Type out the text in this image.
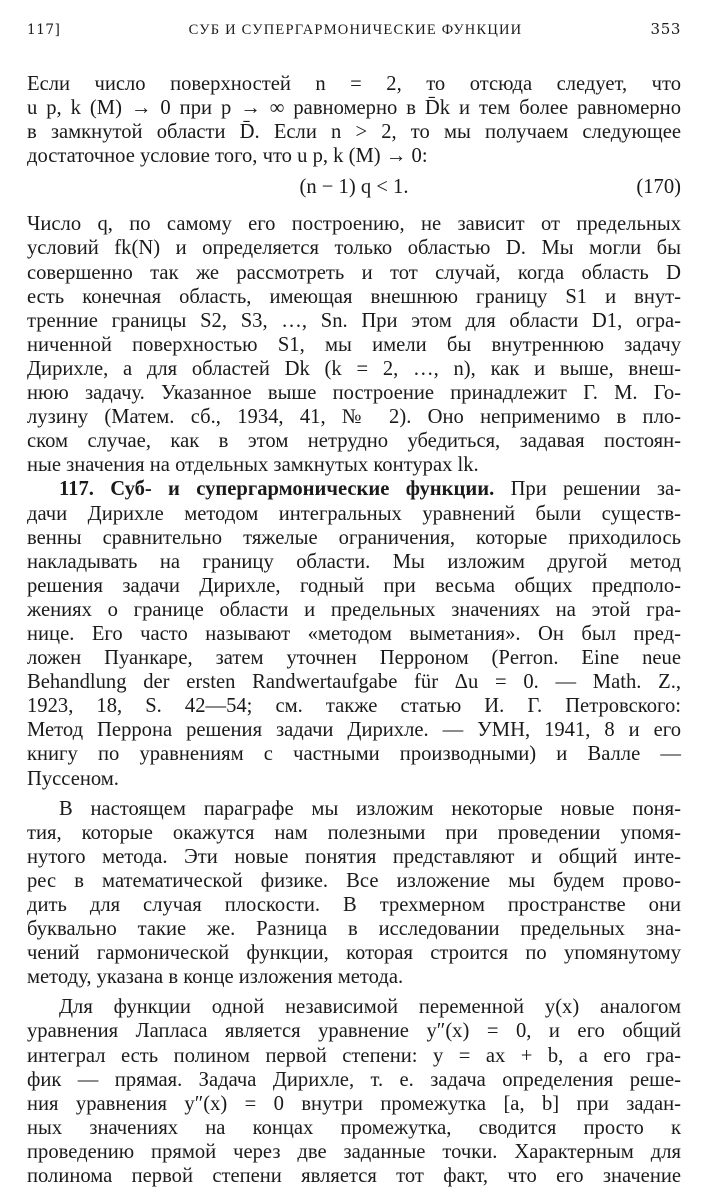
117]	СУБ И СУПЕРГАРМОНИЧЕСКИЕ ФУНКЦИИ	353
Если число поверхностей n = 2, то отсюда следует, что
u p, k (M) → 0 при p → ∞ равномерно в D̄k и тем более равномерно
в замкнутой области D̄. Если n > 2, то мы получаем следующее
достаточное условие того, что u p, k (M) → 0:
(n − 1) q < 1.	(170)
Число q, по самому его построению, не зависит от предельных
условий fk(N) и определяется только областью D. Мы могли бы
совершенно так же рассмотреть и тот случай, когда область D
есть конечная область, имеющая внешнюю границу S1 и внут-
тренние границы S2, S3, …, Sn. При этом для области D1, огра-
ниченной поверхностью S1, мы имели бы внутреннюю задачу
Дирихле, а для областей Dk (k = 2, …, n), как и выше, внеш-
нюю задачу. Указанное выше построение принадлежит Г. М. Го-
лузину (Матем. сб., 1934, 41, № 2). Оно неприменимо в пло-
ском случае, как в этом нетрудно убедиться, задавая постоян-
ные значения на отдельных замкнутых контурах lk.
117. Суб- и супергармонические функции. При решении за-
дачи Дирихле методом интегральных уравнений были существ-
венны сравнительно тяжелые ограничения, которые приходилось
накладывать на границу области. Мы изложим другой метод
решения задачи Дирихле, годный при весьма общих предполо-
жениях о границе области и предельных значениях на этой гра-
нице. Его часто называют «методом выметания». Он был пред-
ложен Пуанкаре, затем уточнен Перроном (Perron. Eine neue
Behandlung der ersten Randwertaufgabe für Δu = 0. — Math. Z.,
1923, 18, S. 42—54; см. также статью И. Г. Петровского:
Метод Перрона решения задачи Дирихле. — УМН, 1941, 8 и его
книгу по уравнениям с частными производными) и Валле —
Пуссеном.
В настоящем параграфе мы изложим некоторые новые поня-
тия, которые окажутся нам полезными при проведении упомя-
нутого метода. Эти новые понятия представляют и общий инте-
рес в математической физике. Все изложение мы будем прово-
дить для случая плоскости. В трехмерном пространстве они
буквально такие же. Разница в исследовании предельных зна-
чений гармонической функции, которая строится по упомянутому
методу, указана в конце изложения метода.
Для функции одной независимой переменной y(x) аналогом
уравнения Лапласа является уравнение y″(x) = 0, и его общий
интеграл есть полином первой степени: y = ax + b, а его гра-
фик — прямая. Задача Дирихле, т. е. задача определения реше-
ния уравнения y″(x) = 0 внутри промежутка [a, b] при задан-
ных значениях на концах промежутка, сводится просто к
проведению прямой через две заданные точки. Характерным для
полинома первой степени является тот факт, что его значение
